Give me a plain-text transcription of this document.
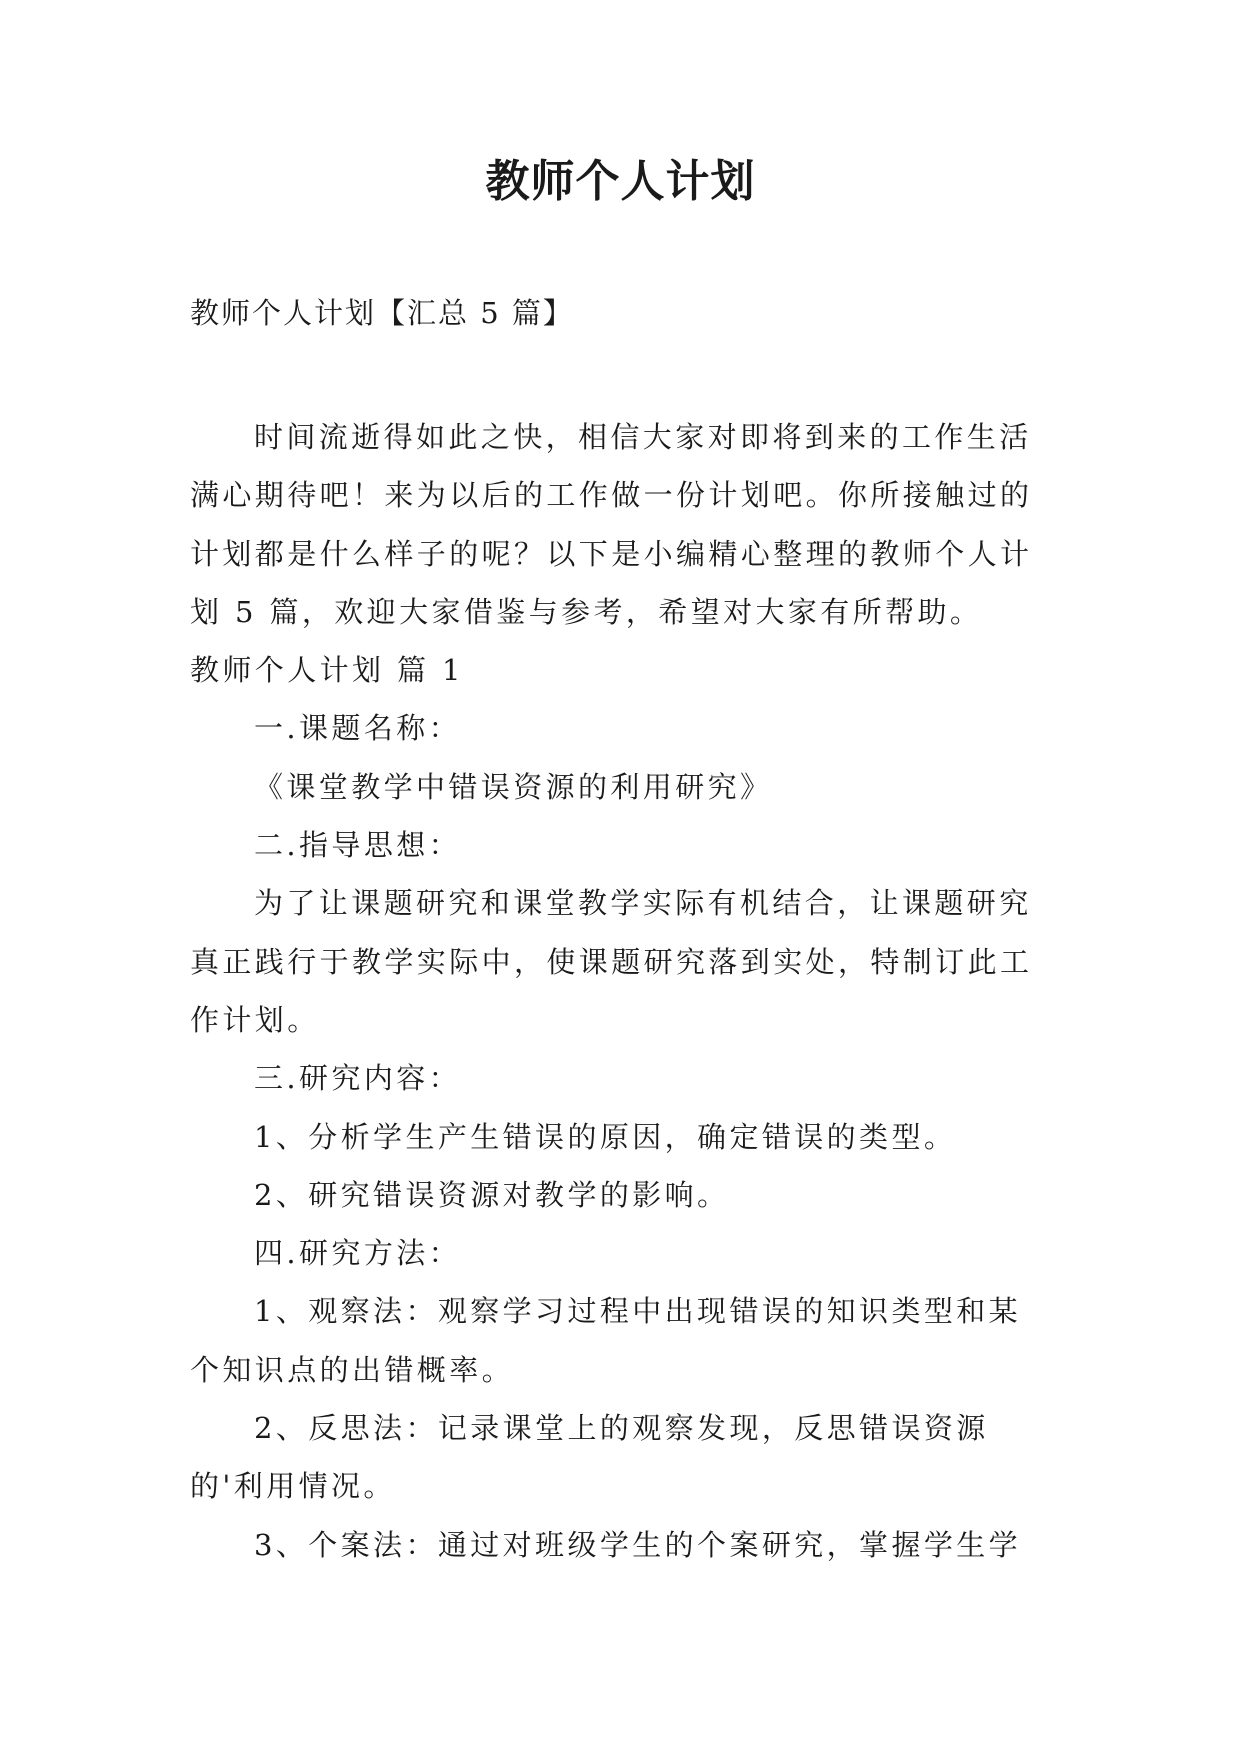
教师个人计划

教师个人计划【汇总 5 篇】

时间流逝得如此之快，相信大家对即将到来的工作生活满心期待吧！来为以后的工作做一份计划吧。你所接触过的计划都是什么样子的呢？以下是小编精心整理的教师个人计划 5 篇，欢迎大家借鉴与参考，希望对大家有所帮助。

教师个人计划 篇 1

一.课题名称：

《课堂教学中错误资源的利用研究》

二.指导思想：

为了让课题研究和课堂教学实际有机结合，让课题研究真正践行于教学实际中，使课题研究落到实处，特制订此工作计划。

三.研究内容：

1、分析学生产生错误的原因，确定错误的类型。

2、研究错误资源对教学的影响。

四.研究方法：

1、观察法：观察学习过程中出现错误的知识类型和某个知识点的出错概率。

2、反思法：记录课堂上的观察发现，反思错误资源的'利用情况。

3、个案法：通过对班级学生的个案研究，掌握学生学
